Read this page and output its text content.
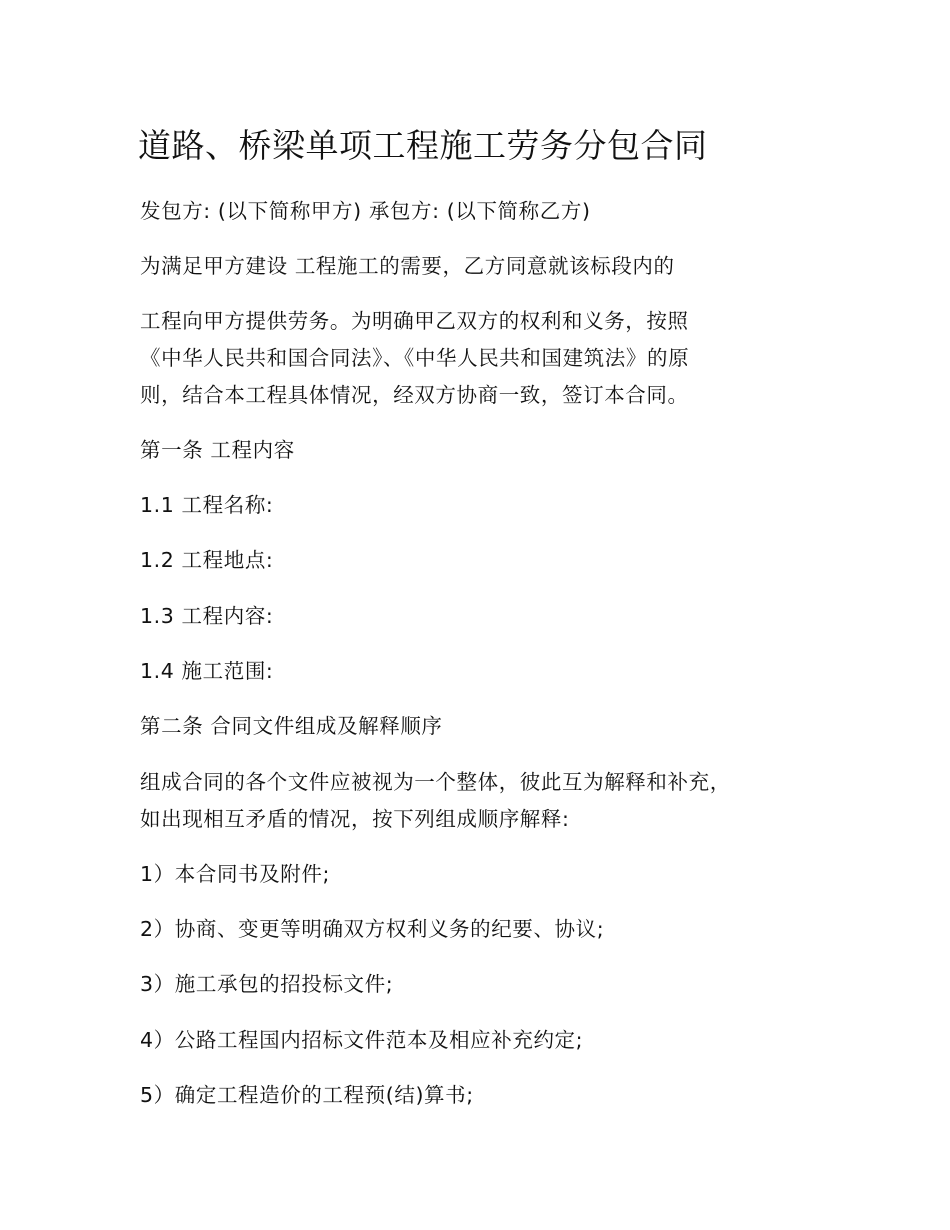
道路、桥梁单项工程施工劳务分包合同
发包方: (以下简称甲方) 承包方: (以下简称乙方)
为满足甲方建设 工程施工的需要，乙方同意就该标段内的
工程向甲方提供劳务。为明确甲乙双方的权利和义务，按照
《中华人民共和国合同法》、《中华人民共和国建筑法》的原
则，结合本工程具体情况，经双方协商一致，签订本合同。
第一条 工程内容
1.1 工程名称:
1.2 工程地点:
1.3 工程内容:
1.4 施工范围:
第二条 合同文件组成及解释顺序
组成合同的各个文件应被视为一个整体，彼此互为解释和补充，
如出现相互矛盾的情况，按下列组成顺序解释:
1）本合同书及附件;
2）协商、变更等明确双方权利义务的纪要、协议;
3）施工承包的招投标文件;
4）公路工程国内招标文件范本及相应补充约定;
5）确定工程造价的工程预(结)算书;
